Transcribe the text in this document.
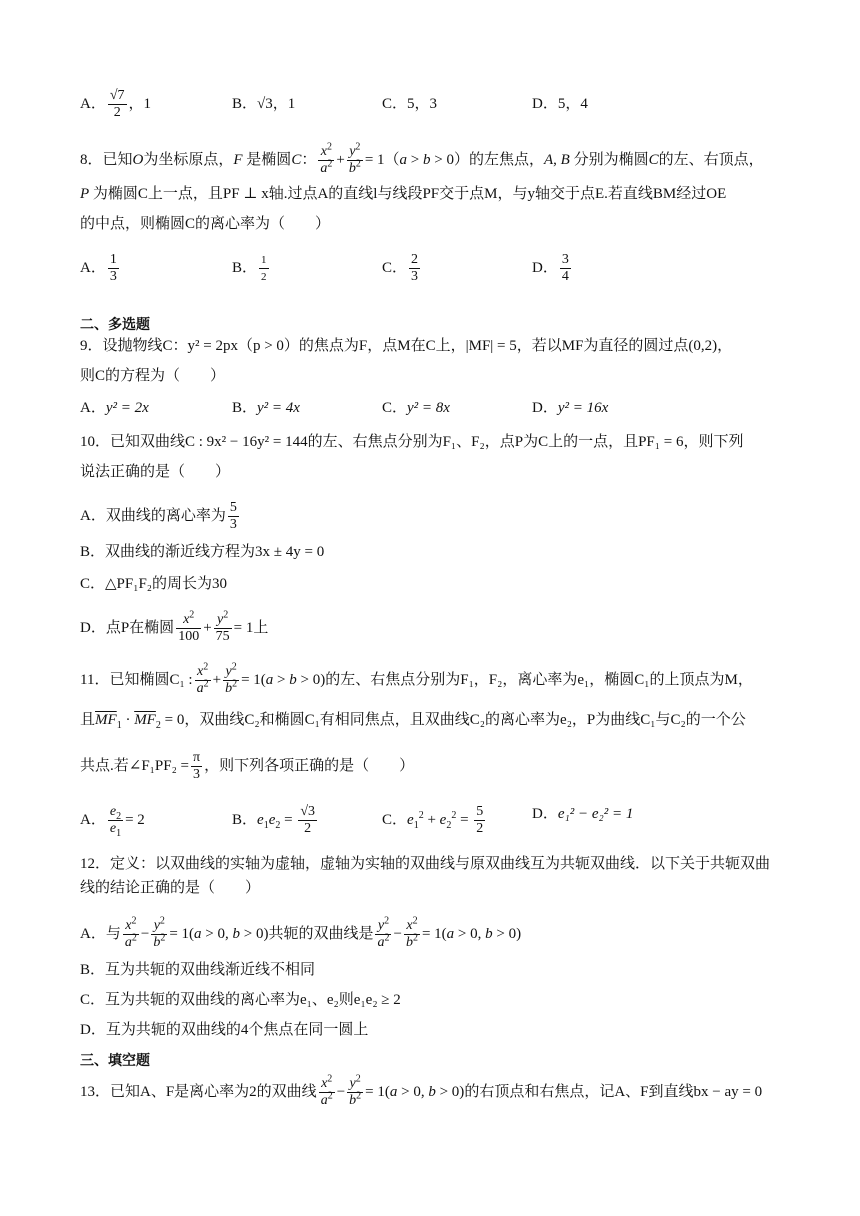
A． $\frac{√7}{2}$ ，1	B．√3，1	C．5，3	D．5，4
8．已知O为坐标原点，F 是椭圆C： $\frac{x^2}{a^2} + \frac{y^2}{b^2} = 1(a > b > 0)$的左焦点，A, B 分别为椭圆C的左、右顶点，
P 为椭圆C上一点，且PF ⊥ x轴.过点A的直线l与线段PF交于点M，与y轴交于点E.若直线BM经过OE
的中点，则椭圆C的离心率为（　　）
A． $\frac{1}{3}$	B． $\frac{1}{2}$	C． $\frac{2}{3}$	D． $\frac{3}{4}$
二、多选题
9．设抛物线C：y² = 2px（p > 0）的焦点为F，点M在C上，|MF| = 5，若以MF为直径的圆过点(0,2)，
则C的方程为（　　）
A．y² = 2x	B．y² = 4x	C．y² = 8x	D．y² = 16x
10．已知双曲线C : 9x² − 16y² = 144的左、右焦点分别为F₁、F₂，点P为C上的一点，且PF₁ = 6，则下列
说法正确的是（　　）
A．双曲线的离心率为 $\frac{5}{3}$
B．双曲线的渐近线方程为3x ± 4y = 0
C．△PF₁F₂的周长为30
D．点P在椭圆 $\frac{x^2}{100} + \frac{y^2}{75} = 1$上
11．已知椭圆C₁ : $\frac{x^2}{a^2} + \frac{y^2}{b^2} = 1(a > b > 0)$的左、右焦点分别为F₁，F₂，离心率为e₁，椭圆C₁的上顶点为M，
且$\overline{MF}_1 \cdot \overline{MF}_2 = 0$，双曲线C₂和椭圆C₁有相同焦点，且双曲线C₂的离心率为e₂，P为曲线C₁与C₂的一个公
共点.若∠F₁PF₂ = $\frac{\pi}{3}$ ，则下列各项正确的是（　　）
A． $\frac{e_2}{e_1} = 2$	B．$e_1e_2 = \frac{√3}{2}$	C．$e_1^2 + e_2^2 = \frac{5}{2}$	D．e₁² − e₂² = 1
12．定义：以双曲线的实轴为虚轴，虚轴为实轴的双曲线与原双曲线互为共轭双曲线．以下关于共轭双曲
线的结论正确的是（　　）
A．与 $\frac{x^2}{a^2} - \frac{y^2}{b^2} = 1(a > 0$, b > 0)共轭的双曲线是 $\frac{y^2}{a^2} - \frac{x^2}{b^2} = 1(a > 0$, b > 0)
B．互为共轭的双曲线渐近线不相同
C．互为共轭的双曲线的离心率为e₁、e₂则e₁e₂ ≥ 2
D．互为共轭的双曲线的4个焦点在同一圆上
三、填空题
13．已知A、F是离心率为2的双曲线 $\frac{x^2}{a^2} - \frac{y^2}{b^2} = 1(a > 0$, b > 0)的右顶点和右焦点，记A、F到直线bx − ay = 0
